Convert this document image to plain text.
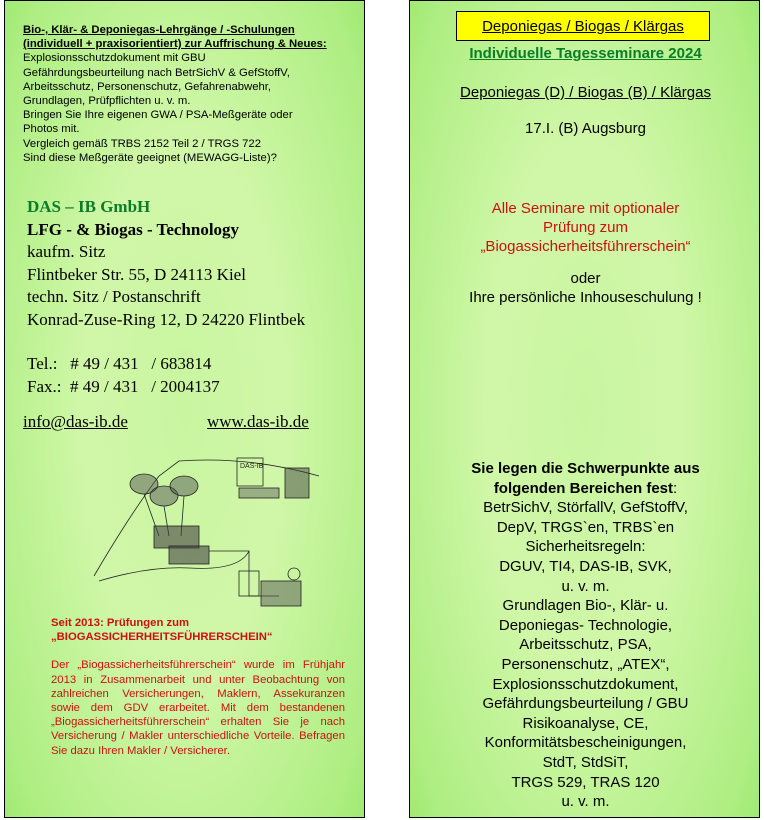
Bio-, Klär- & Deponiegas-Lehrgänge / -Schulungen
(individuell + praxisorientiert) zur Auffrischung & Neues:
Explosionsschutzdokument mit GBU
Gefährdungsbeurteilung nach BetrSichV & GefStoffV,
Arbeitsschutz, Personenschutz, Gefahrenabwehr,
Grundlagen, Prüfpflichten u. v. m.
Bringen Sie Ihre eigenen GWA / PSA-Meßgeräte oder
Photos mit.
Vergleich gemäß TRBS 2152 Teil 2 / TRGS 722
Sind diese Meßgeräte geeignet (MEWAGG-Liste)?
DAS – IB GmbH
LFG - & Biogas - Technology
kaufm. Sitz
Flintbeker Str. 55, D 24113 Kiel
techn. Sitz / Postanschrift
Konrad-Zuse-Ring 12, D 24220 Flintbek
Tel.:   # 49 / 431   / 683814
Fax.:  # 49 / 431   / 2004137
info@das-ib.de	www.das-ib.de
DAS-IB
Seit 2013: Prüfungen zum
„BIOGASSICHERHEITSFÜHRERSCHEIN“
Der „Biogassicherheitsführerschein“ wurde im Frühjahr 2013 in Zusammenarbeit und unter Beobachtung von zahlreichen Versicherungen, Maklern, Assekuranzen sowie dem GDV erarbeitet. Mit dem bestandenen „Biogassicherheitsführerschein“ erhalten Sie je nach Versicherung / Makler unterschiedliche Vorteile. Befragen Sie dazu Ihren Makler / Versicherer.
Deponiegas / Biogas / Klärgas
Individuelle Tagesseminare 2024
Deponiegas (D) / Biogas (B) / Klärgas
17.I. (B) Augsburg
Alle Seminare mit optionaler
Prüfung zum
„Biogassicherheitsführerschein“
oder
Ihre persönliche Inhouseschulung !
Sie legen die Schwerpunkte aus
folgenden Bereichen fest:
BetrSichV, StörfallV, GefStoffV,
DepV, TRGS`en, TRBS`en
Sicherheitsregeln:
DGUV, TI4, DAS-IB, SVK,
u. v. m.
Grundlagen Bio-, Klär- u.
Deponiegas- Technologie,
Arbeitsschutz, PSA,
Personenschutz, „ATEX“,
Explosionsschutzdokument,
Gefährdungsbeurteilung / GBU
Risikoanalyse, CE,
Konformitätsbescheinigungen,
StdT, StdSiT,
TRGS 529, TRAS 120
u. v. m.
